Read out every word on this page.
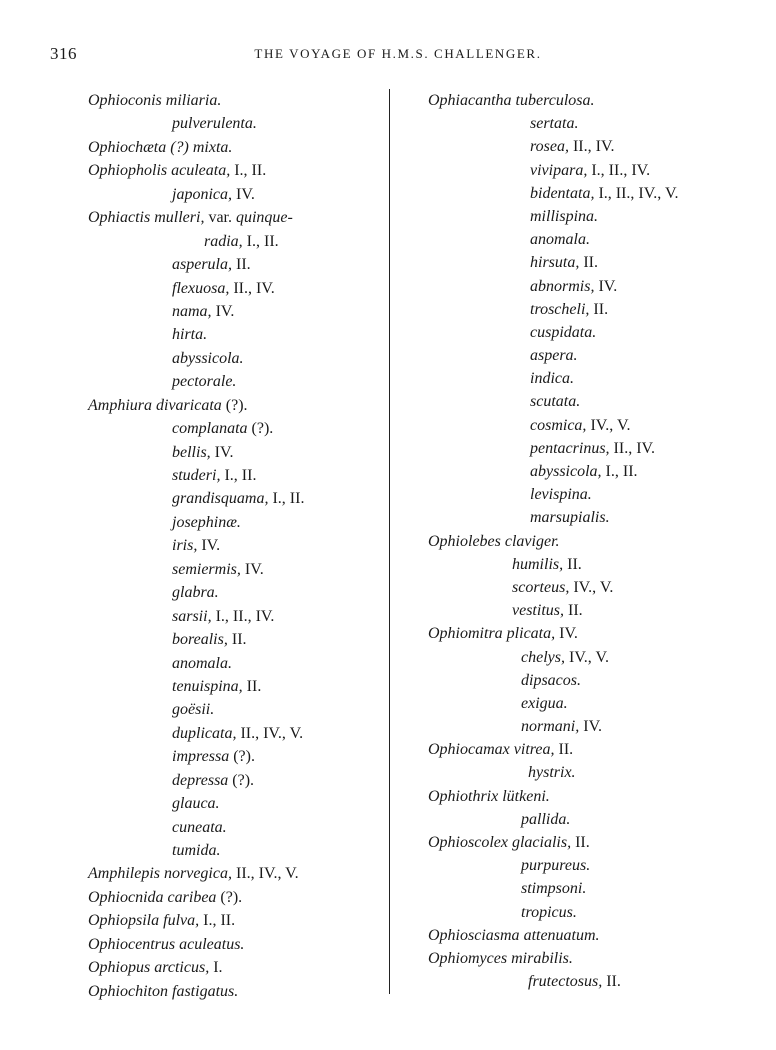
316	THE VOYAGE OF H.M.S. CHALLENGER.
Ophioconis miliaria.
pulverulenta.
Ophiochæta (?) mixta.
Ophiopholis aculeata, I., II.
japonica, IV.
Ophiactis mulleri, var. quinque-
radia, I., II.
asperula, II.
flexuosa, II., IV.
nama, IV.
hirta.
abyssicola.
pectorale.
Amphiura divaricata (?).
complanata (?).
bellis, IV.
studeri, I., II.
grandisquama, I., II.
josephinæ.
iris, IV.
semiermis, IV.
glabra.
sarsii, I., II., IV.
borealis, II.
anomala.
tenuispina, II.
goësii.
duplicata, II., IV., V.
impressa (?).
depressa (?).
glauca.
cuneata.
tumida.
Amphilepis norvegica, II., IV., V.
Ophiocnida caribea (?).
Ophiopsila fulva, I., II.
Ophiocentrus aculeatus.
Ophiopus arcticus, I.
Ophiochiton fastigatus.
Ophiacantha tuberculosa.
sertata.
rosea, II., IV.
vivipara, I., II., IV.
bidentata, I., II., IV., V.
millispina.
anomala.
hirsuta, II.
abnormis, IV.
troscheli, II.
cuspidata.
aspera.
indica.
scutata.
cosmica, IV., V.
pentacrinus, II., IV.
abyssicola, I., II.
levispina.
marsupialis.
Ophiolebes claviger.
humilis, II.
scorteus, IV., V.
vestitus, II.
Ophiomitra plicata, IV.
chelys, IV., V.
dipsacos.
exigua.
normani, IV.
Ophiocamax vitrea, II.
hystrix.
Ophiothrix lütkeni.
pallida.
Ophioscolex glacialis, II.
purpureus.
stimpsoni.
tropicus.
Ophiosciasma attenuatum.
Ophiomyces mirabilis.
frutectosus, II.
